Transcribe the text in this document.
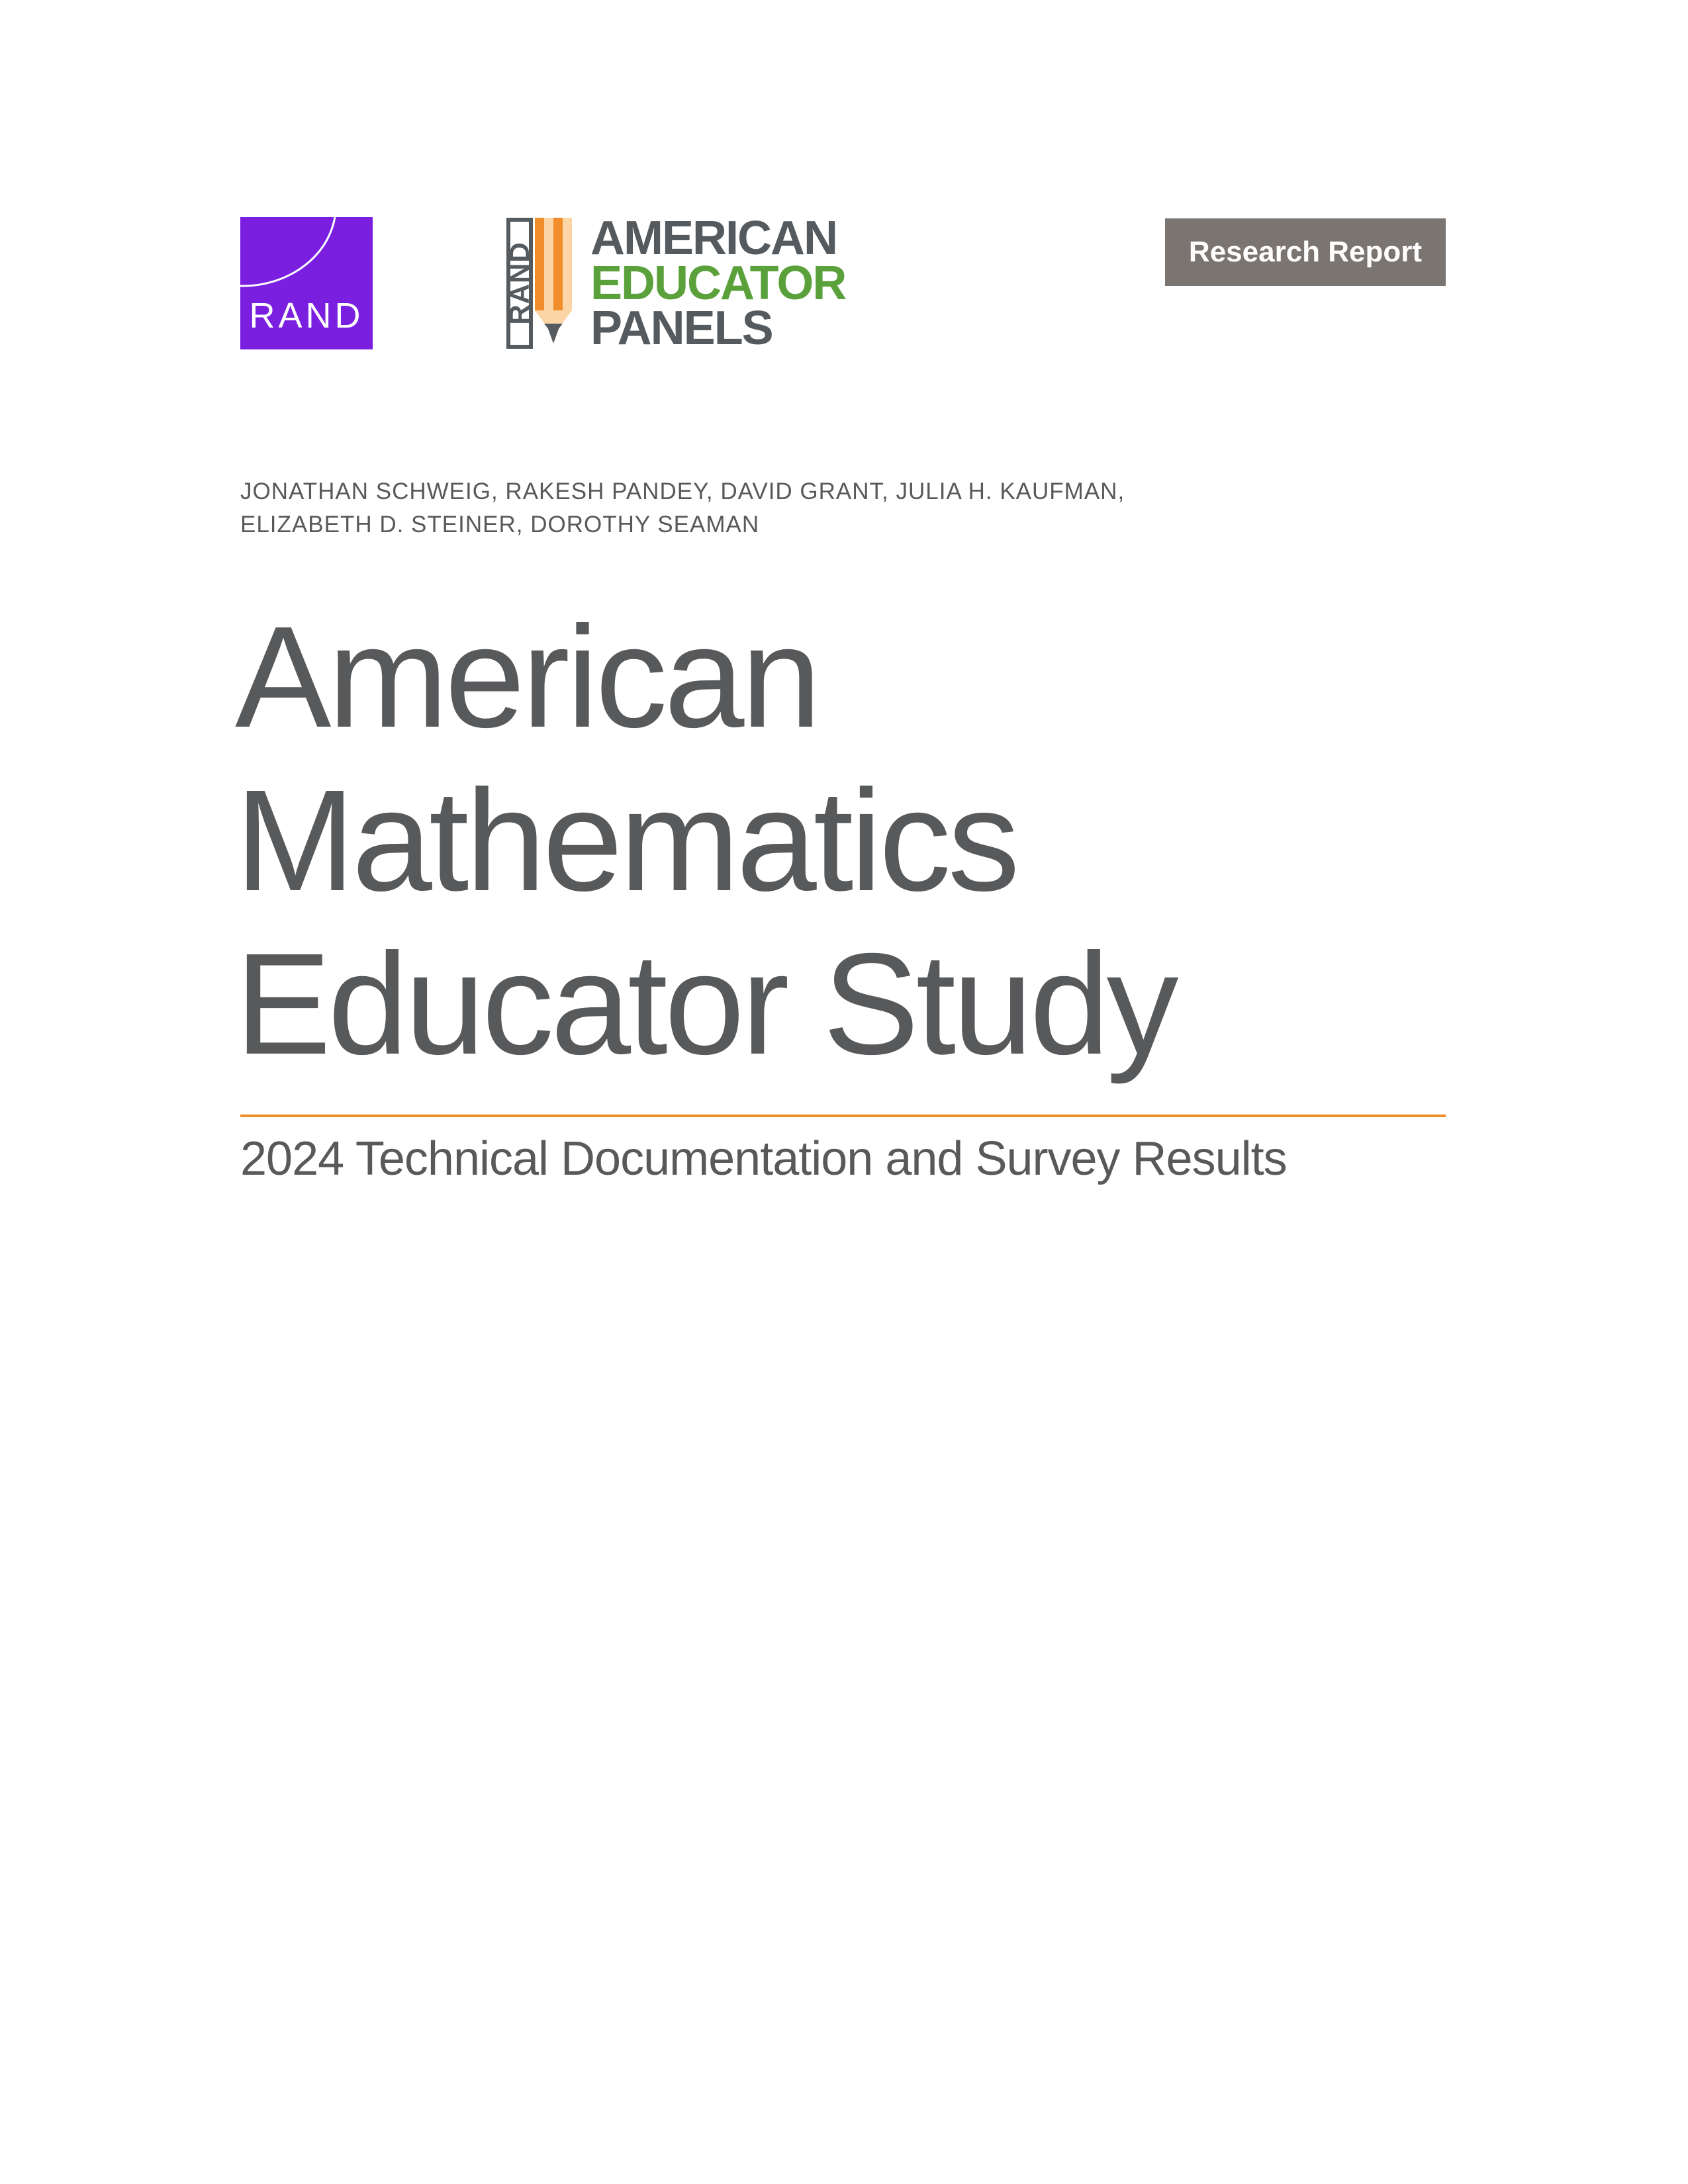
RAND	RAND
AMERICAN
EDUCATOR
PANELS
Research Report
JONATHAN SCHWEIG, RAKESH PANDEY, DAVID GRANT, JULIA H. KAUFMAN,
ELIZABETH D. STEINER, DOROTHY SEAMAN
American
Mathematics
Educator Study
2024 Technical Documentation and Survey Results
